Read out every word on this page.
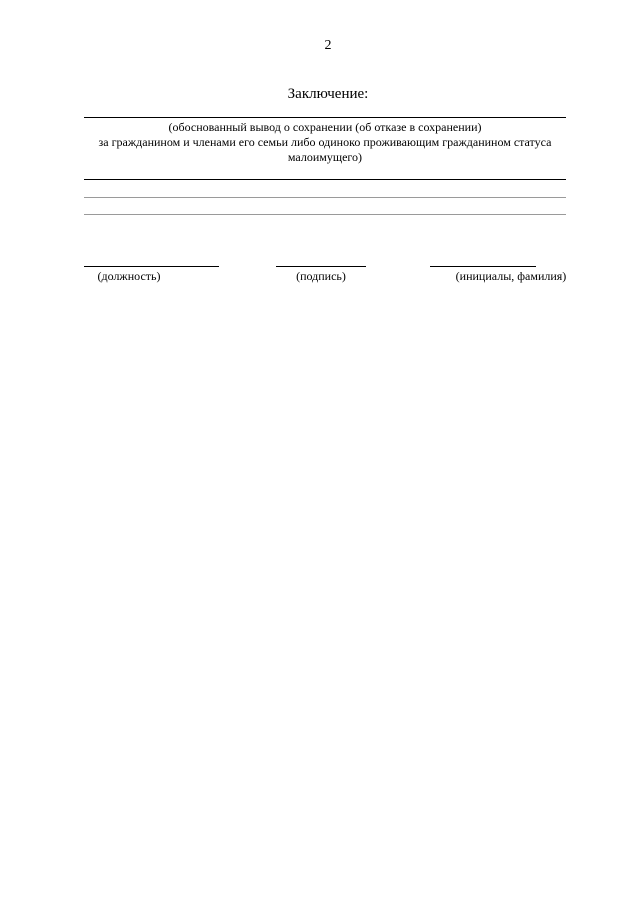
2
Заключение:
(обоснованный вывод о сохранении (об отказе в сохранении)
за гражданином и членами его семьи либо одиноко проживающим гражданином статуса
малоимущего)
(должность)	(подпись)	(инициалы, фамилия)
